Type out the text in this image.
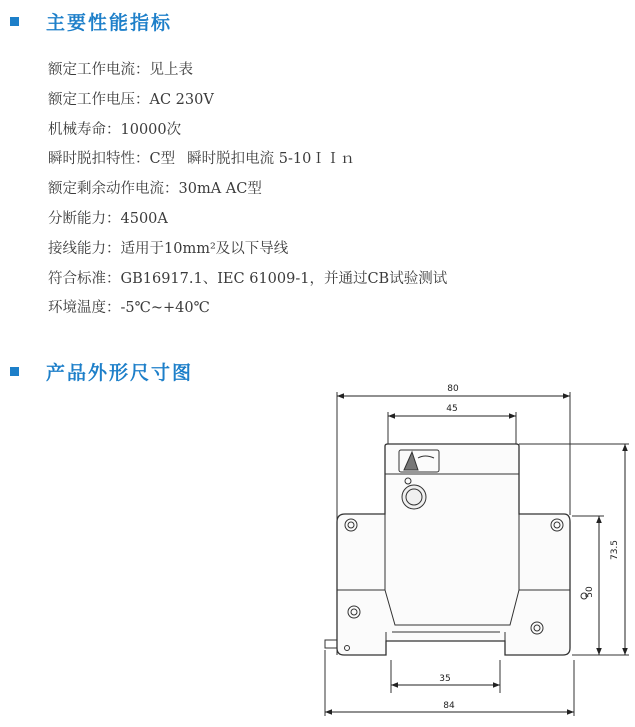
主要性能指标
额定工作电流：见上表
额定工作电压：AC 230V
机械寿命：10000次
瞬时脱扣特性：C型 瞬时脱扣电流 5-10ＩＩｎ
额定剩余动作电流：30mA AC型
分断能力：4500A
接线能力：适用于10mm²及以下导线
符合标准：GB16917.1、IEC 61009-1，并通过CB试验测试
环境温度：-5℃~+40℃
产品外形尺寸图
80
45
73.5
50
35
84
